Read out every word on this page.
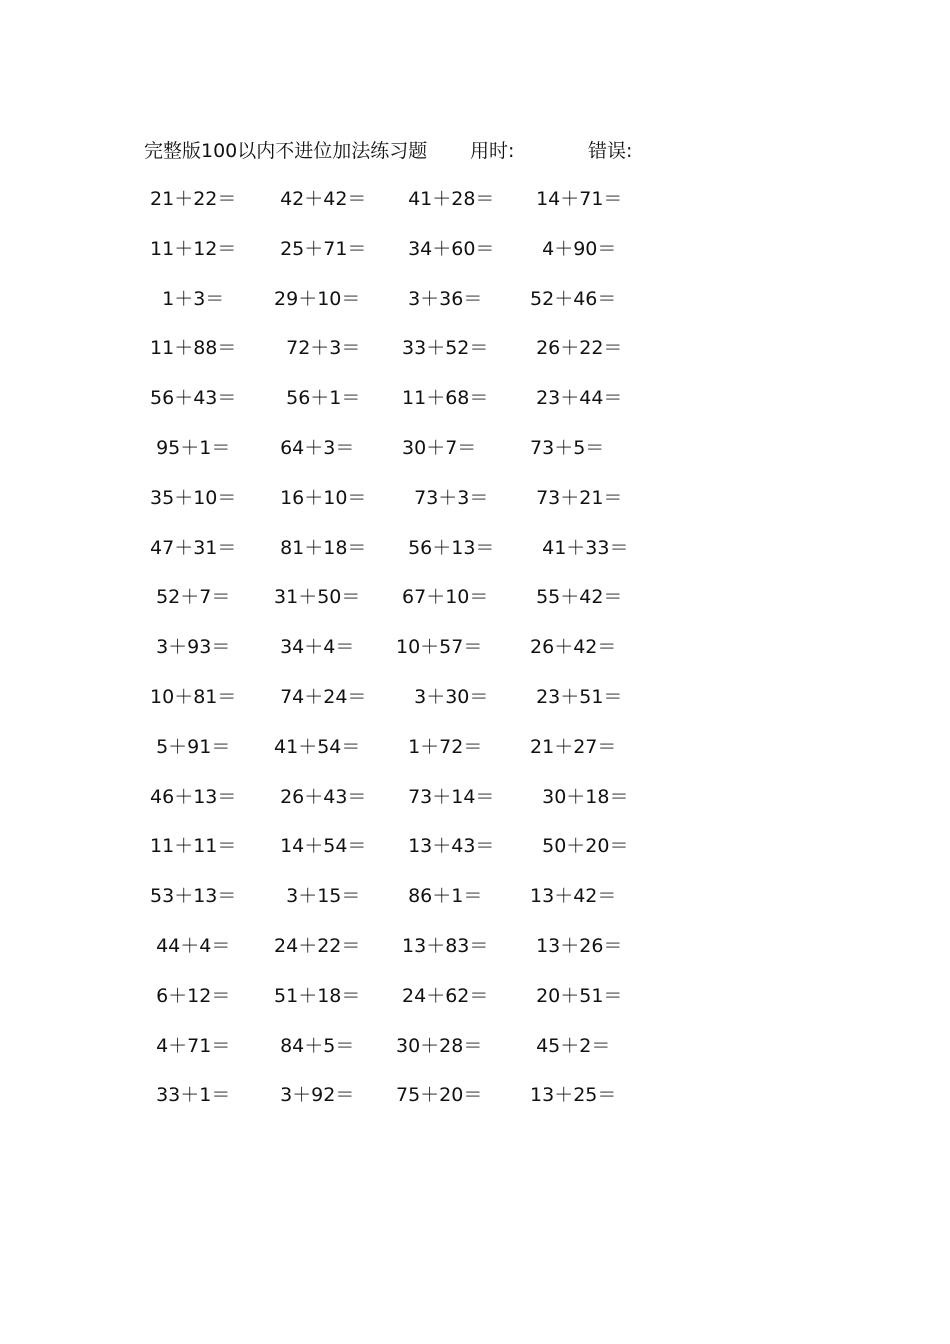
完整版100以内不进位加法练习题 用时:	错误:
21＋22＝ 42＋42＝ 41＋28＝ 14＋71＝
11＋12＝ 25＋71＝ 34＋60＝ 4＋90＝
1＋3＝ 29＋10＝ 3＋36＝ 52＋46＝
11＋88＝ 72＋3＝ 33＋52＝ 26＋22＝
56＋43＝ 56＋1＝ 11＋68＝ 23＋44＝
95＋1＝ 64＋3＝ 30＋7＝	73＋5＝
35＋10＝ 16＋10＝ 73＋3＝ 73＋21＝
47＋31＝ 81＋18＝ 56＋13＝ 41＋33＝
52＋7＝ 31＋50＝ 67＋10＝ 55＋42＝
3＋93＝ 34＋4＝ 10＋57＝ 26＋42＝
10＋81＝ 74＋24＝ 3＋30＝ 23＋51＝
5＋91＝ 41＋54＝ 1＋72＝ 21＋27＝
46＋13＝ 26＋43＝ 73＋14＝ 30＋18＝
11＋11＝ 14＋54＝ 13＋43＝ 50＋20＝
53＋13＝ 3＋15＝ 86＋1＝ 13＋42＝
44＋4＝ 24＋22＝ 13＋83＝ 13＋26＝
6＋12＝ 51＋18＝ 24＋62＝ 20＋51＝
4＋71＝ 84＋5＝ 30＋28＝ 45＋2＝
33＋1＝ 3＋92＝ 75＋20＝ 13＋25＝
